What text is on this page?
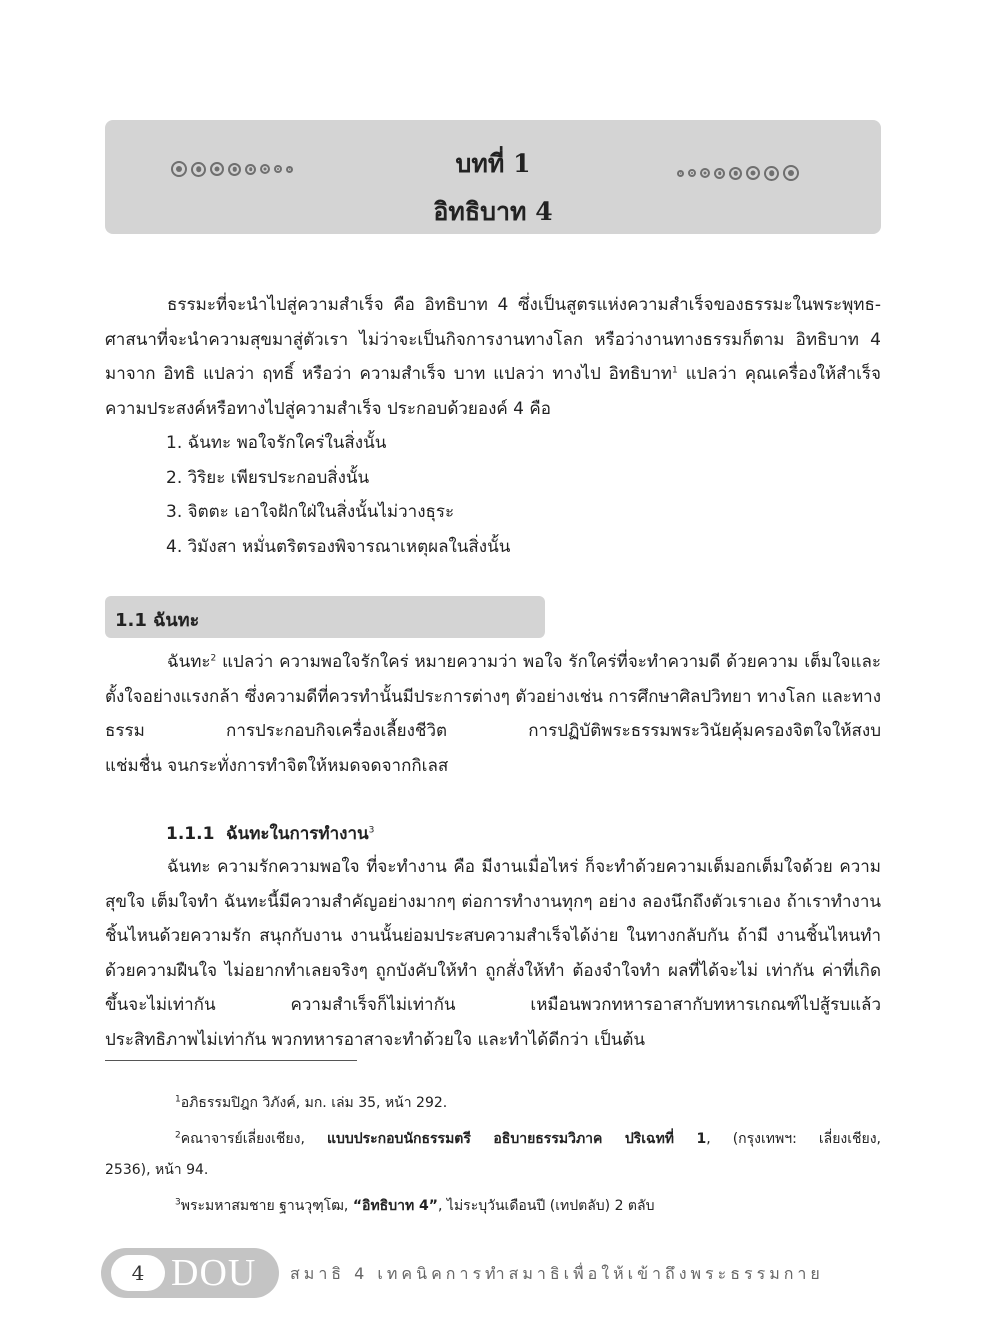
บทที่ 1
อิทธิบาท 4

ธรรมะที่จะนำไปสู่ความสำเร็จ คือ อิทธิบาท 4 ซึ่งเป็นสูตรแห่งความสำเร็จของธรรมะในพระพุทธ- ศาสนาที่จะนำความสุขมาสู่ตัวเรา ไม่ว่าจะเป็นกิจการงานทางโลก หรือว่างานทางธรรมก็ตาม อิทธิบาท 4 มาจาก อิทธิ แปลว่า ฤทธิ์ หรือว่า ความสำเร็จ บาท แปลว่า ทางไป อิทธิบาท$^1$ แปลว่า คุณเครื่องให้สำเร็จ
ความประสงค์หรือทางไปสู่ความสำเร็จ ประกอบด้วยองค์ 4 คือ

1. ฉันทะ พอใจรักใคร่ในสิ่งนั้น
2. วิริยะ เพียรประกอบสิ่งนั้น
3. จิตตะ เอาใจฝักใฝ่ในสิ่งนั้นไม่วางธุระ
4. วิมังสา หมั่นตริตรองพิจารณาเหตุผลในสิ่งนั้น
1.1 ฉันทะ

ฉันทะ$^2$ แปลว่า ความพอใจรักใคร่ หมายความว่า พอใจ รักใคร่ที่จะทำความดี ด้วยความ เต็มใจและตั้งใจอย่างแรงกล้า ซึ่งความดีที่ควรทำนั้นมีประการต่างๆ ตัวอย่างเช่น การศึกษาศิลปวิทยา ทางโลก และทางธรรม การประกอบกิจเครื่องเลี้ยงชีวิต การปฏิบัติพระธรรมพระวินัยคุ้มครองจิตใจให้สงบ
แช่มชื่น จนกระทั่งการทำจิตให้หมดจดจากกิเลส

1.1.1 ฉันทะในการทำงาน$^3$

ฉันทะ ความรักความพอใจ ที่จะทำงาน คือ มีงานเมื่อไหร่ ก็จะทำด้วยความเต็มอกเต็มใจด้วย ความสุขใจ เต็มใจทำ ฉันทะนี้มีความสำคัญอย่างมากๆ ต่อการทำงานทุกๆ อย่าง ลองนึกถึงตัวเราเอง ถ้าเราทำงานชิ้นไหนด้วยความรัก สนุกกับงาน งานนั้นย่อมประสบความสำเร็จได้ง่าย ในทางกลับกัน ถ้ามี งานชิ้นไหนทำด้วยความฝืนใจ ไม่อยากทำเลยจริงๆ ถูกบังคับให้ทำ ถูกสั่งให้ทำ ต้องจำใจทำ ผลที่ได้จะไม่ เท่ากัน ค่าที่เกิดขึ้นจะไม่เท่ากัน ความสำเร็จก็ไม่เท่ากัน เหมือนพวกทหารอาสากับทหารเกณฑ์ไปสู้รบแล้ว
ประสิทธิภาพไม่เท่ากัน พวกทหารอาสาจะทำด้วยใจ และทำได้ดีกว่า เป็นต้น

$^1$อภิธรรมปิฎก วิภังค์, มก. เล่ม 35, หน้า 292.

$^2$คณาจารย์เลี่ยงเชียง, แบบประกอบนักธรรมตรี อธิบายธรรมวิภาค ปริเฉทที่ 1, (กรุงเทพฯ: เลี่ยงเชียง,
2536), หน้า 94.

$^3$พระมหาสมชาย ฐานวุฑฺโฒ, “อิทธิบาท 4”, ไม่ระบุวันเดือนปี (เทปตลับ) 2 ตลับ

4 DOU สมาธิ 4 เทคนิคการทำสมาธิเพื่อให้เข้าถึงพระธรรมกาย
